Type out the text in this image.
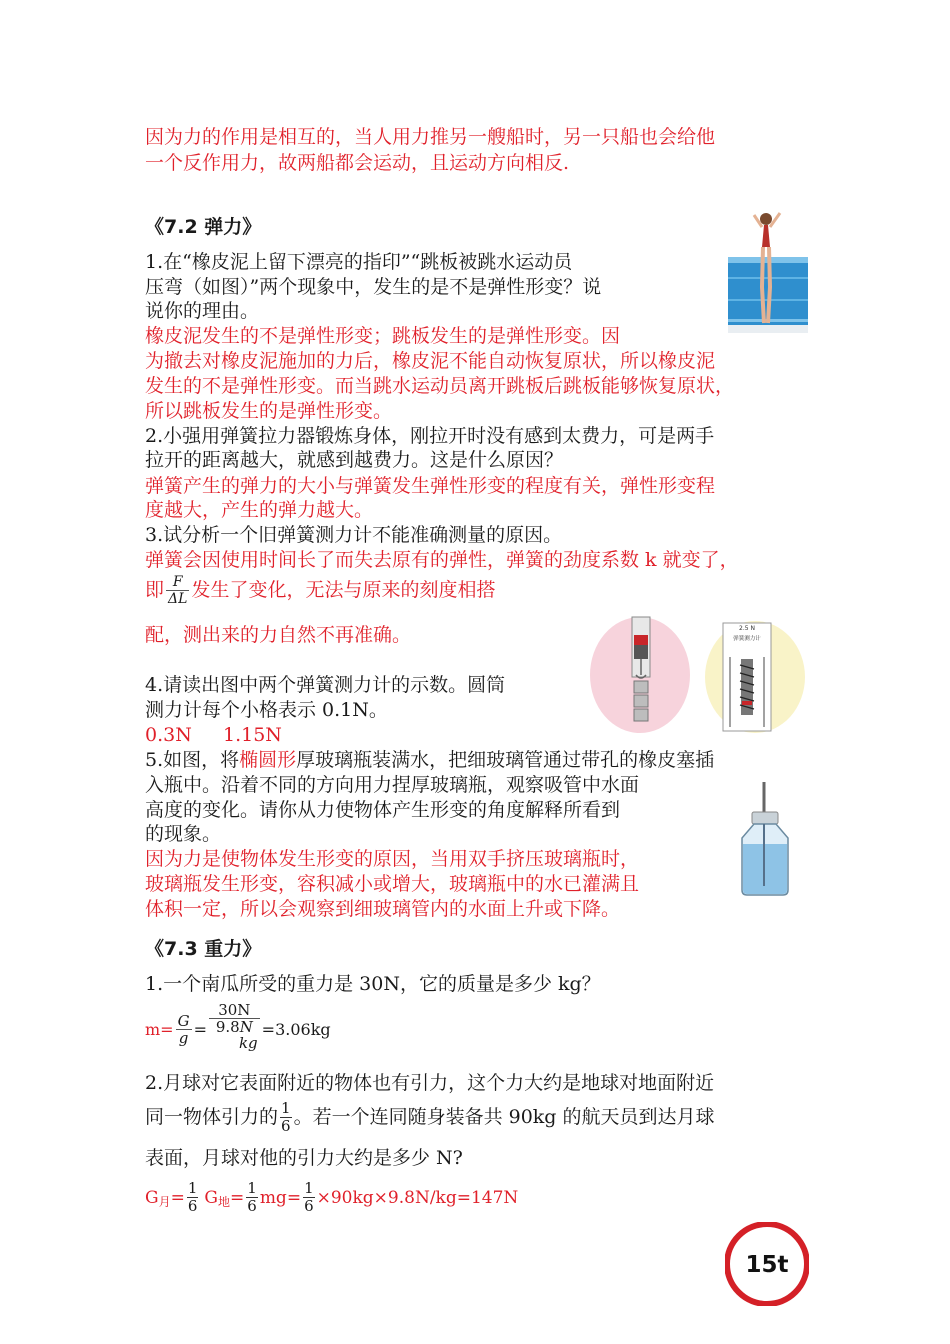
因为力的作用是相互的，当人用力推另一艘船时，另一只船也会给他
一个反作用力，故两船都会运动，且运动方向相反.
《7.2 弹力》
1.在“橡皮泥上留下漂亮的指印”“跳板被跳水运动员
压弯（如图）”两个现象中，发生的是不是弹性形变？说
说你的理由。
橡皮泥发生的不是弹性形变；跳板发生的是弹性形变。因
为撤去对橡皮泥施加的力后，橡皮泥不能自动恢复原状，所以橡皮泥
发生的不是弹性形变。而当跳水运动员离开跳板后跳板能够恢复原状，
所以跳板发生的是弹性形变。
2.小强用弹簧拉力器锻炼身体，刚拉开时没有感到太费力，可是两手
拉开的距离越大，就感到越费力。这是什么原因？
弹簧产生的弹力的大小与弹簧发生弹性形变的程度有关，弹性形变程
度越大，产生的弹力越大。
3.试分析一个旧弹簧测力计不能准确测量的原因。
弹簧会因使用时间长了而失去原有的弹性，弹簧的劲度系数 k 就变了，
即 $\frac{F}{\Delta L}$ 发生了变化，无法与原来的刻度相搭
配，测出来的力自然不再准确。	2.5 N
弹簧测力计
4.请读出图中两个弹簧测力计的示数。圆筒
测力计每个小格表示 0.1N。
0.3N 1.15N
5.如图，将椭圆形厚玻璃瓶装满水，把细玻璃管通过带孔的橡皮塞插
入瓶中。沿着不同的方向用力捏厚玻璃瓶，观察吸管中水面
高度的变化。请你从力使物体产生形变的角度解释所看到
的现象。
因为力是使物体发生形变的原因，当用双手挤压玻璃瓶时，
玻璃瓶发生形变，容积减小或增大，玻璃瓶中的水已灌满且
体积一定，所以会观察到细玻璃管内的水面上升或下降。
《7.3 重力》
1.一个南瓜所受的重力是 30N，它的质量是多少 kg？
$m= \frac{G}{g}$ =
30N
9.8N
kg
=3.06kg
2.月球对它表面附近的物体也有引力，这个力大约是地球对地面附近
同一物体引力的 $\frac{1}{6}$ 。若一个连同随身装备共 90kg 的航天员到达月球
表面，月球对他的引力大约是多少 N?
G 月 = $\frac{1}{6}$ G 地 = $\frac{1}{6} mg= \frac{1}{6} \times 90kg\times 9.8N/kg=147N$
15t
